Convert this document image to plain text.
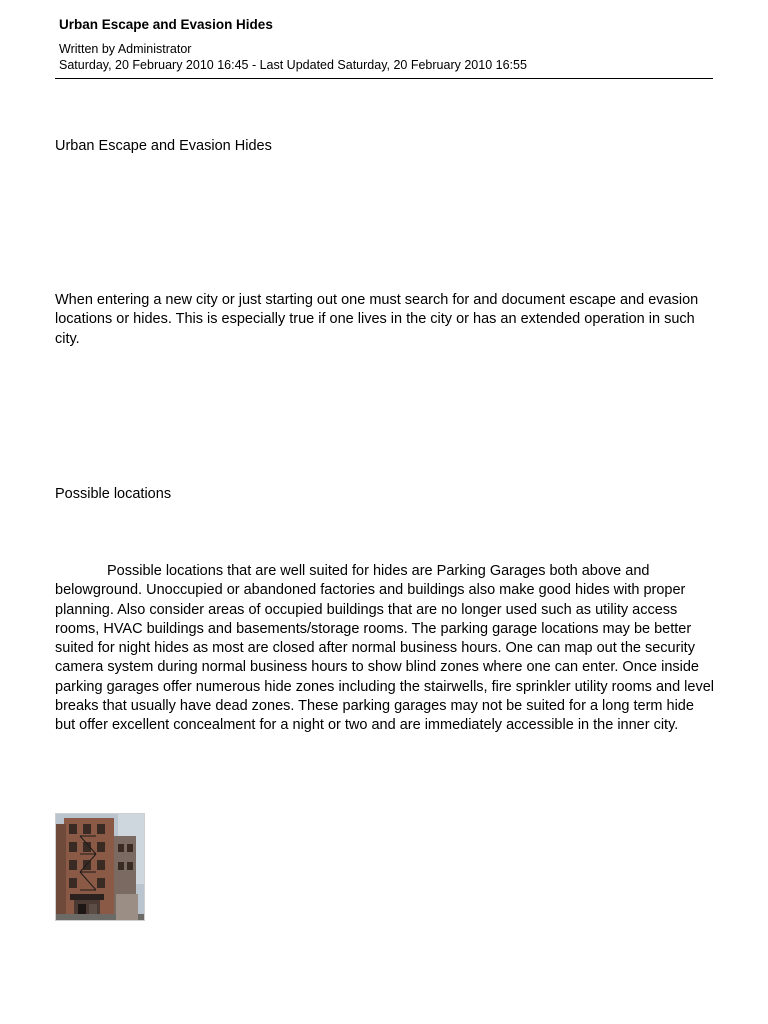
Urban Escape and Evasion Hides
Written by Administrator
Saturday, 20 February 2010 16:45 - Last Updated Saturday, 20 February 2010 16:55

Urban Escape and Evasion Hides

When entering a new city or just starting out one must search for and document escape and evasion locations or hides. This is especially true if one lives in the city or has an extended operation in such city.

Possible locations

Possible locations that are well suited for hides are Parking Garages both above and belowground. Unoccupied or abandoned factories and buildings also make good hides with proper planning. Also consider areas of occupied buildings that are no longer used such as utility access rooms, HVAC buildings and basements/storage rooms. The parking garage locations may be better suited for night hides as most are closed after normal business hours. One can map out the security camera system during normal business hours to show blind zones where one can enter. Once inside parking garages offer numerous hide zones including the stairwells, fire sprinkler utility rooms and level breaks that usually have dead zones. These parking garages may not be suited for a long term hide but offer excellent concealment for a night or two and are immediately accessible in the inner city.
